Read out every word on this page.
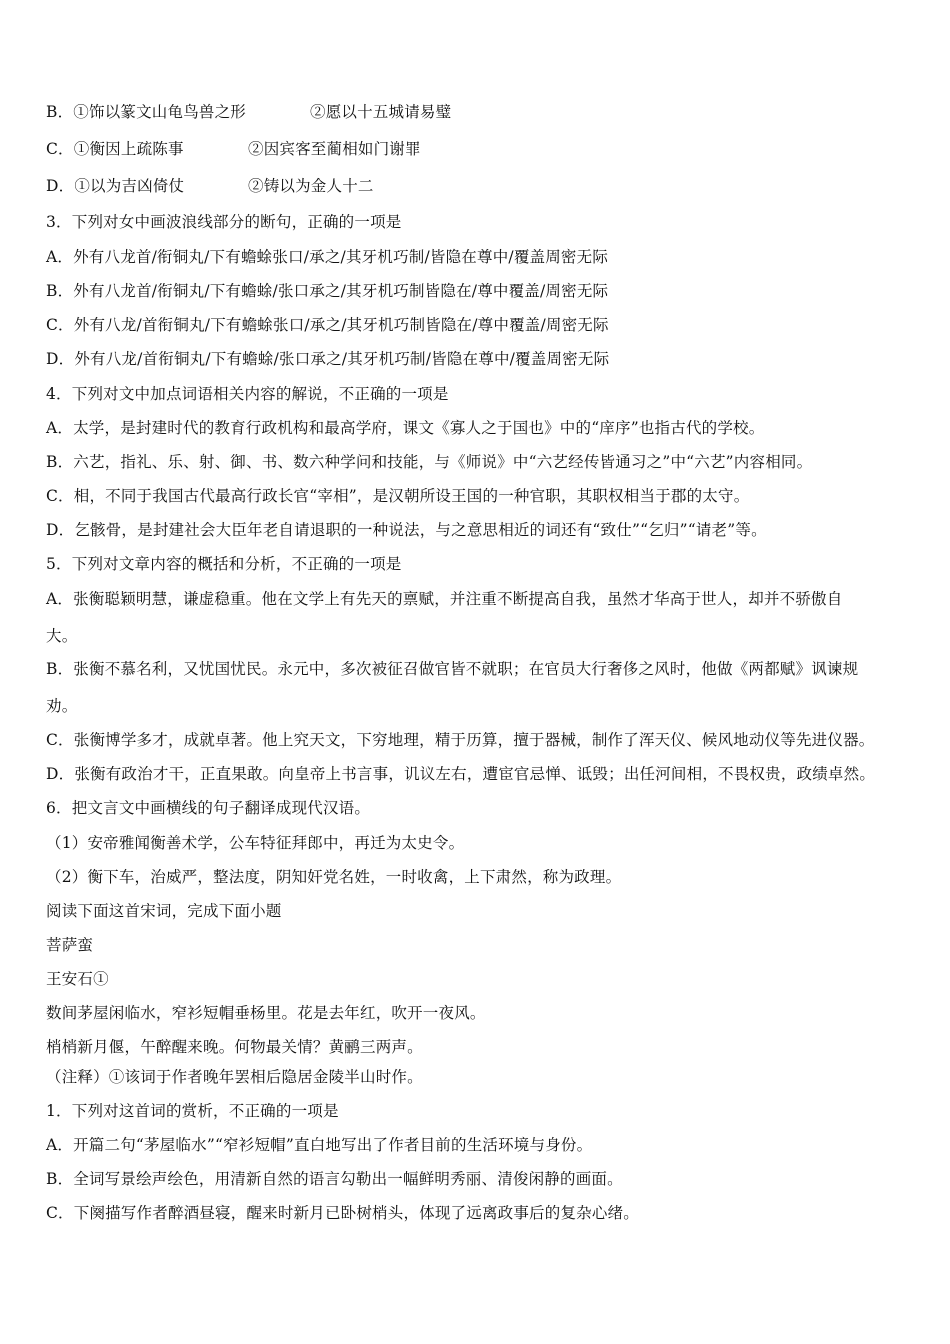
B．①饰以篆文山龟鸟兽之形	②愿以十五城请易璧
C．①衡因上疏陈事	②因宾客至蔺相如门谢罪
D．①以为吉凶倚仗	②铸以为金人十二
3．下列对女中画波浪线部分的断句，正确的一项是
A．外有八龙首/衔铜丸/下有蟾蜍张口/承之/其牙机巧制/皆隐在尊中/覆盖周密无际
B．外有八龙首/衔铜丸/下有蟾蜍/张口承之/其牙机巧制皆隐在/尊中覆盖/周密无际
C．外有八龙/首衔铜丸/下有蟾蜍张口/承之/其牙机巧制皆隐在/尊中覆盖/周密无际
D．外有八龙/首衔铜丸/下有蟾蜍/张口承之/其牙机巧制/皆隐在尊中/覆盖周密无际
4．下列对文中加点词语相关内容的解说，不正确的一项是
A．太学，是封建时代的教育行政机构和最高学府，课文《寡人之于国也》中的“庠序”也指古代的学校。
B．六艺，指礼、乐、射、御、书、数六种学问和技能，与《师说》中“六艺经传皆通习之”中“六艺”内容相同。
C．相，不同于我国古代最高行政长官“宰相”，是汉朝所设王国的一种官职，其职权相当于郡的太守。
D．乞骸骨，是封建社会大臣年老自请退职的一种说法，与之意思相近的词还有“致仕”“乞归”“请老”等。
5．下列对文章内容的概括和分析，不正确的一项是
A．张衡聪颖明慧，谦虚稳重。他在文学上有先天的禀赋，并注重不断提高自我，虽然才华高于世人，却并不骄傲自
大。
B．张衡不慕名利，又忧国忧民。永元中，多次被征召做官皆不就职；在官员大行奢侈之风时，他做《两都赋》讽谏规
劝。
C．张衡博学多才，成就卓著。他上究天文，下穷地理，精于历算，擅于器械，制作了浑天仪、候风地动仪等先进仪器。
D．张衡有政治才干，正直果敢。向皇帝上书言事，讥议左右，遭宦官忌惮、诋毁；出任河间相，不畏权贵，政绩卓然。
6．把文言文中画横线的句子翻译成现代汉语。
（1）安帝雅闻衡善术学，公车特征拜郎中，再迁为太史令。
（2）衡下车，治威严，整法度，阴知奸党名姓，一时收禽，上下肃然，称为政理。
阅读下面这首宋词，完成下面小题
菩萨蛮
王安石①
数间茅屋闲临水，窄衫短帽垂杨里。花是去年红，吹开一夜风。
梢梢新月偃，午醉醒来晚。何物最关情？黄鹂三两声。
（注释）①该词于作者晚年罢相后隐居金陵半山时作。
1．下列对这首词的赏析，不正确的一项是
A．开篇二句“茅屋临水”“窄衫短帽”直白地写出了作者目前的生活环境与身份。
B．全词写景绘声绘色，用清新自然的语言勾勒出一幅鲜明秀丽、清俊闲静的画面。
C．下阕描写作者醉酒昼寝，醒来时新月已卧树梢头，体现了远离政事后的复杂心绪。
